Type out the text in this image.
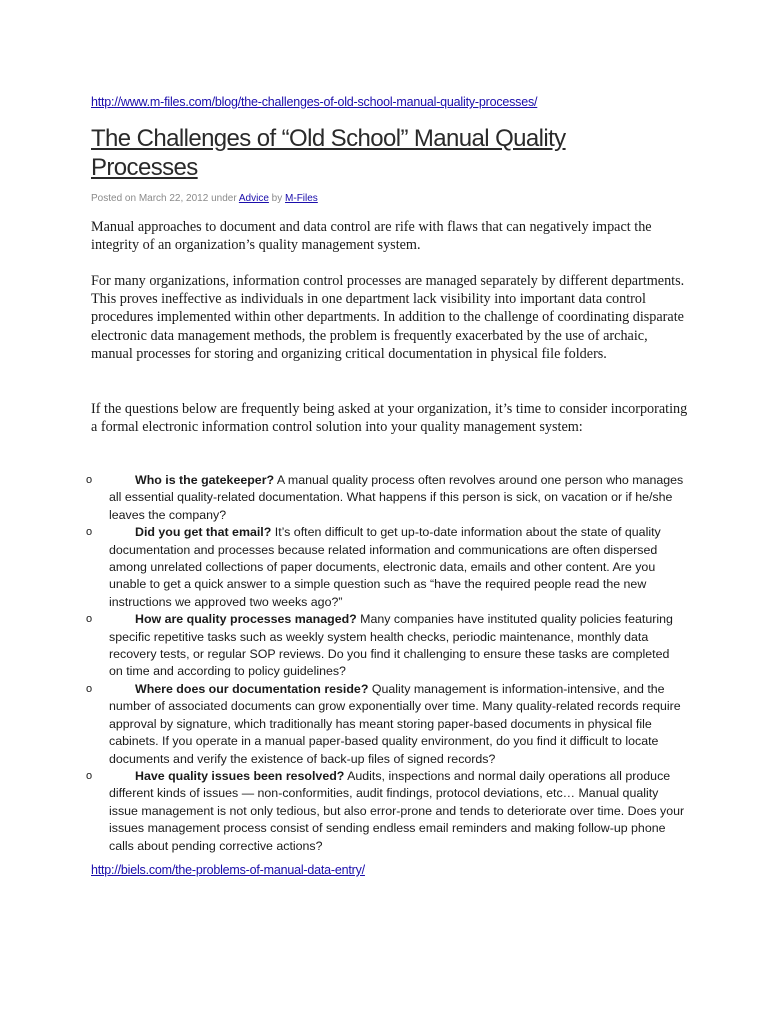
http://www.m-files.com/blog/the-challenges-of-old-school-manual-quality-processes/
The Challenges of “Old School” Manual Quality Processes
Posted on March 22, 2012 under Advice by M-Files

Manual approaches to document and data control are rife with flaws that can negatively impact the integrity of an organization’s quality management system.

For many organizations, information control processes are managed separately by different departments. This proves ineffective as individuals in one department lack visibility into important data control procedures implemented within other departments. In addition to the challenge of coordinating disparate electronic data management methods, the problem is frequently exacerbated by the use of archaic, manual processes for storing and organizing critical documentation in physical file folders.

If the questions below are frequently being asked at your organization, it’s time to consider incorporating a formal electronic information control solution into your quality management system:

o	Who is the gatekeeper? A manual quality process often revolves around one person who manages all essential quality-related documentation. What happens if this person is sick, on vacation or if he/she leaves the company?
o	Did you get that email? It’s often difficult to get up-to-date information about the state of quality documentation and processes because related information and communications are often dispersed among unrelated collections of paper documents, electronic data, emails and other content. Are you unable to get a quick answer to a simple question such as “have the required people read the new instructions we approved two weeks ago?”
o	How are quality processes managed? Many companies have instituted quality policies featuring specific repetitive tasks such as weekly system health checks, periodic maintenance, monthly data recovery tests, or regular SOP reviews. Do you find it challenging to ensure these tasks are completed on time and according to policy guidelines?
o	Where does our documentation reside? Quality management is information-intensive, and the number of associated documents can grow exponentially over time. Many quality-related records require approval by signature, which traditionally has meant storing paper-based documents in physical file cabinets. If you operate in a manual paper-based quality environment, do you find it difficult to locate documents and verify the existence of back-up files of signed records?
o	Have quality issues been resolved? Audits, inspections and normal daily operations all produce different kinds of issues — non-conformities, audit findings, protocol deviations, etc… Manual quality issue management is not only tedious, but also error-prone and tends to deteriorate over time. Does your issues management process consist of sending endless email reminders and making follow-up phone calls about pending corrective actions?
http://biels.com/the-problems-of-manual-data-entry/
